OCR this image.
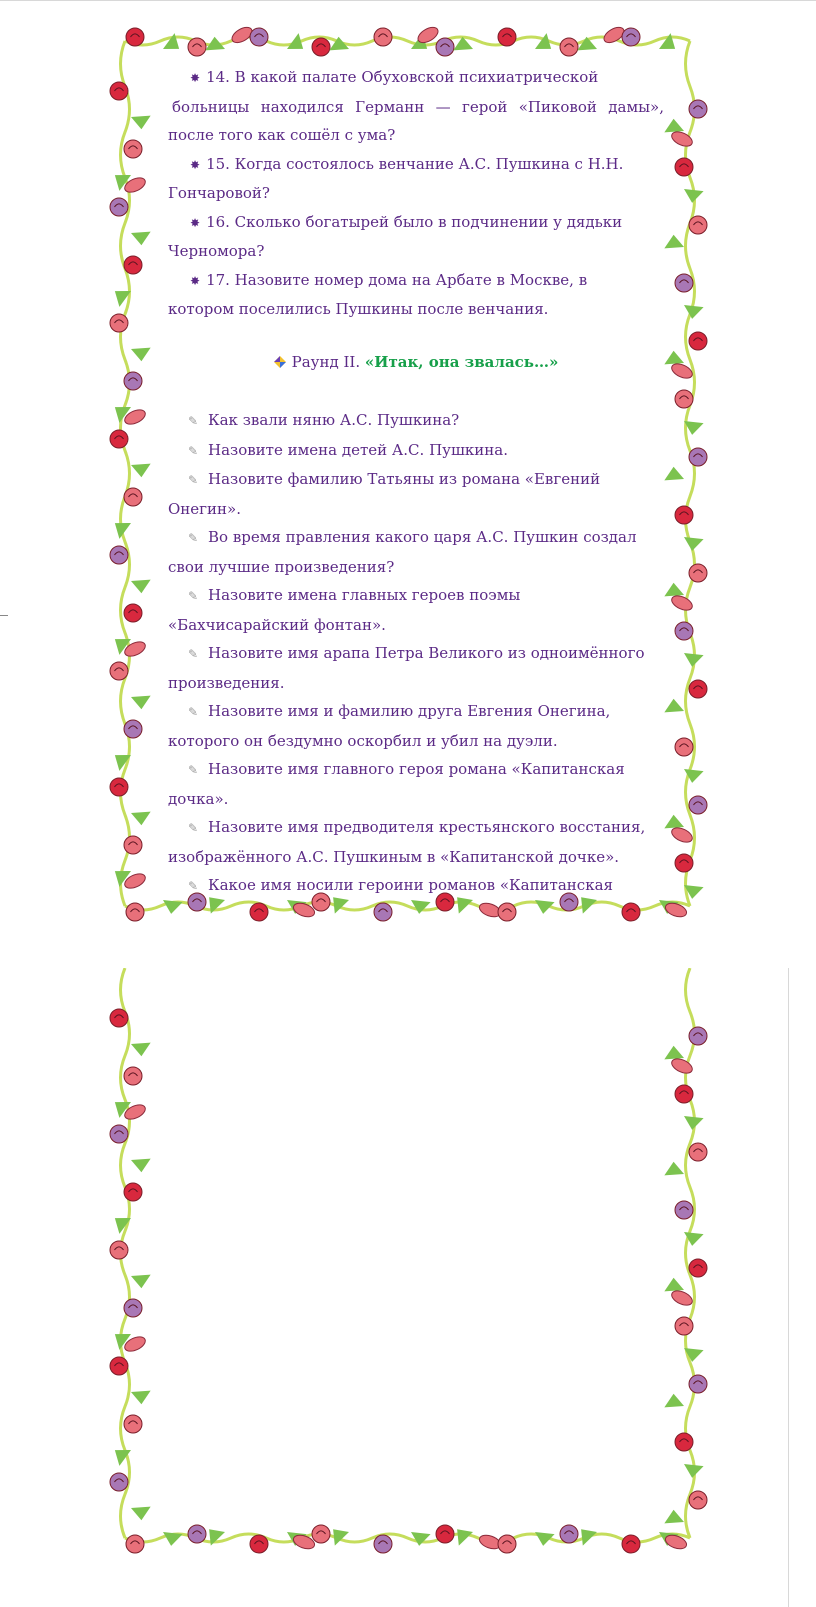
✸ 14. В какой палате Обуховской психиатрической

больницы находился Германн — герой «Пиковой дамы»,

после того как сошёл с ума?

✸ 15. Когда состоялось венчание А.С. Пушкина с Н.Н.

Гончаровой?

✸ 16. Сколько богатырей было в подчинении у дядьки

Черномора?

✸ 17. Назовите номер дома на Арбате в Москве, в

котором поселились Пушкины после венчания.

Раунд II. «Итак, она звалась…»

✎ Как звали няню А.С. Пушкина?

✎ Назовите имена детей А.С. Пушкина.

✎ Назовите фамилию Татьяны из романа «Евгений

Онегин».

✎ Во время правления какого царя А.С. Пушкин создал

свои лучшие произведения?

✎ Назовите имена главных героев поэмы

«Бахчисарайский фонтан».

✎ Назовите имя арапа Петра Великого из одноимённого

произведения.

✎ Назовите имя и фамилию друга Евгения Онегина,

которого он бездумно оскорбил и убил на дуэли.

✎ Назовите имя главного героя романа «Капитанская

дочка».

✎ Назовите имя предводителя крестьянского восстания,

изображённого А.С. Пушкиным в «Капитанской дочке».

✎ Какое имя носили героини романов «Капитанская
